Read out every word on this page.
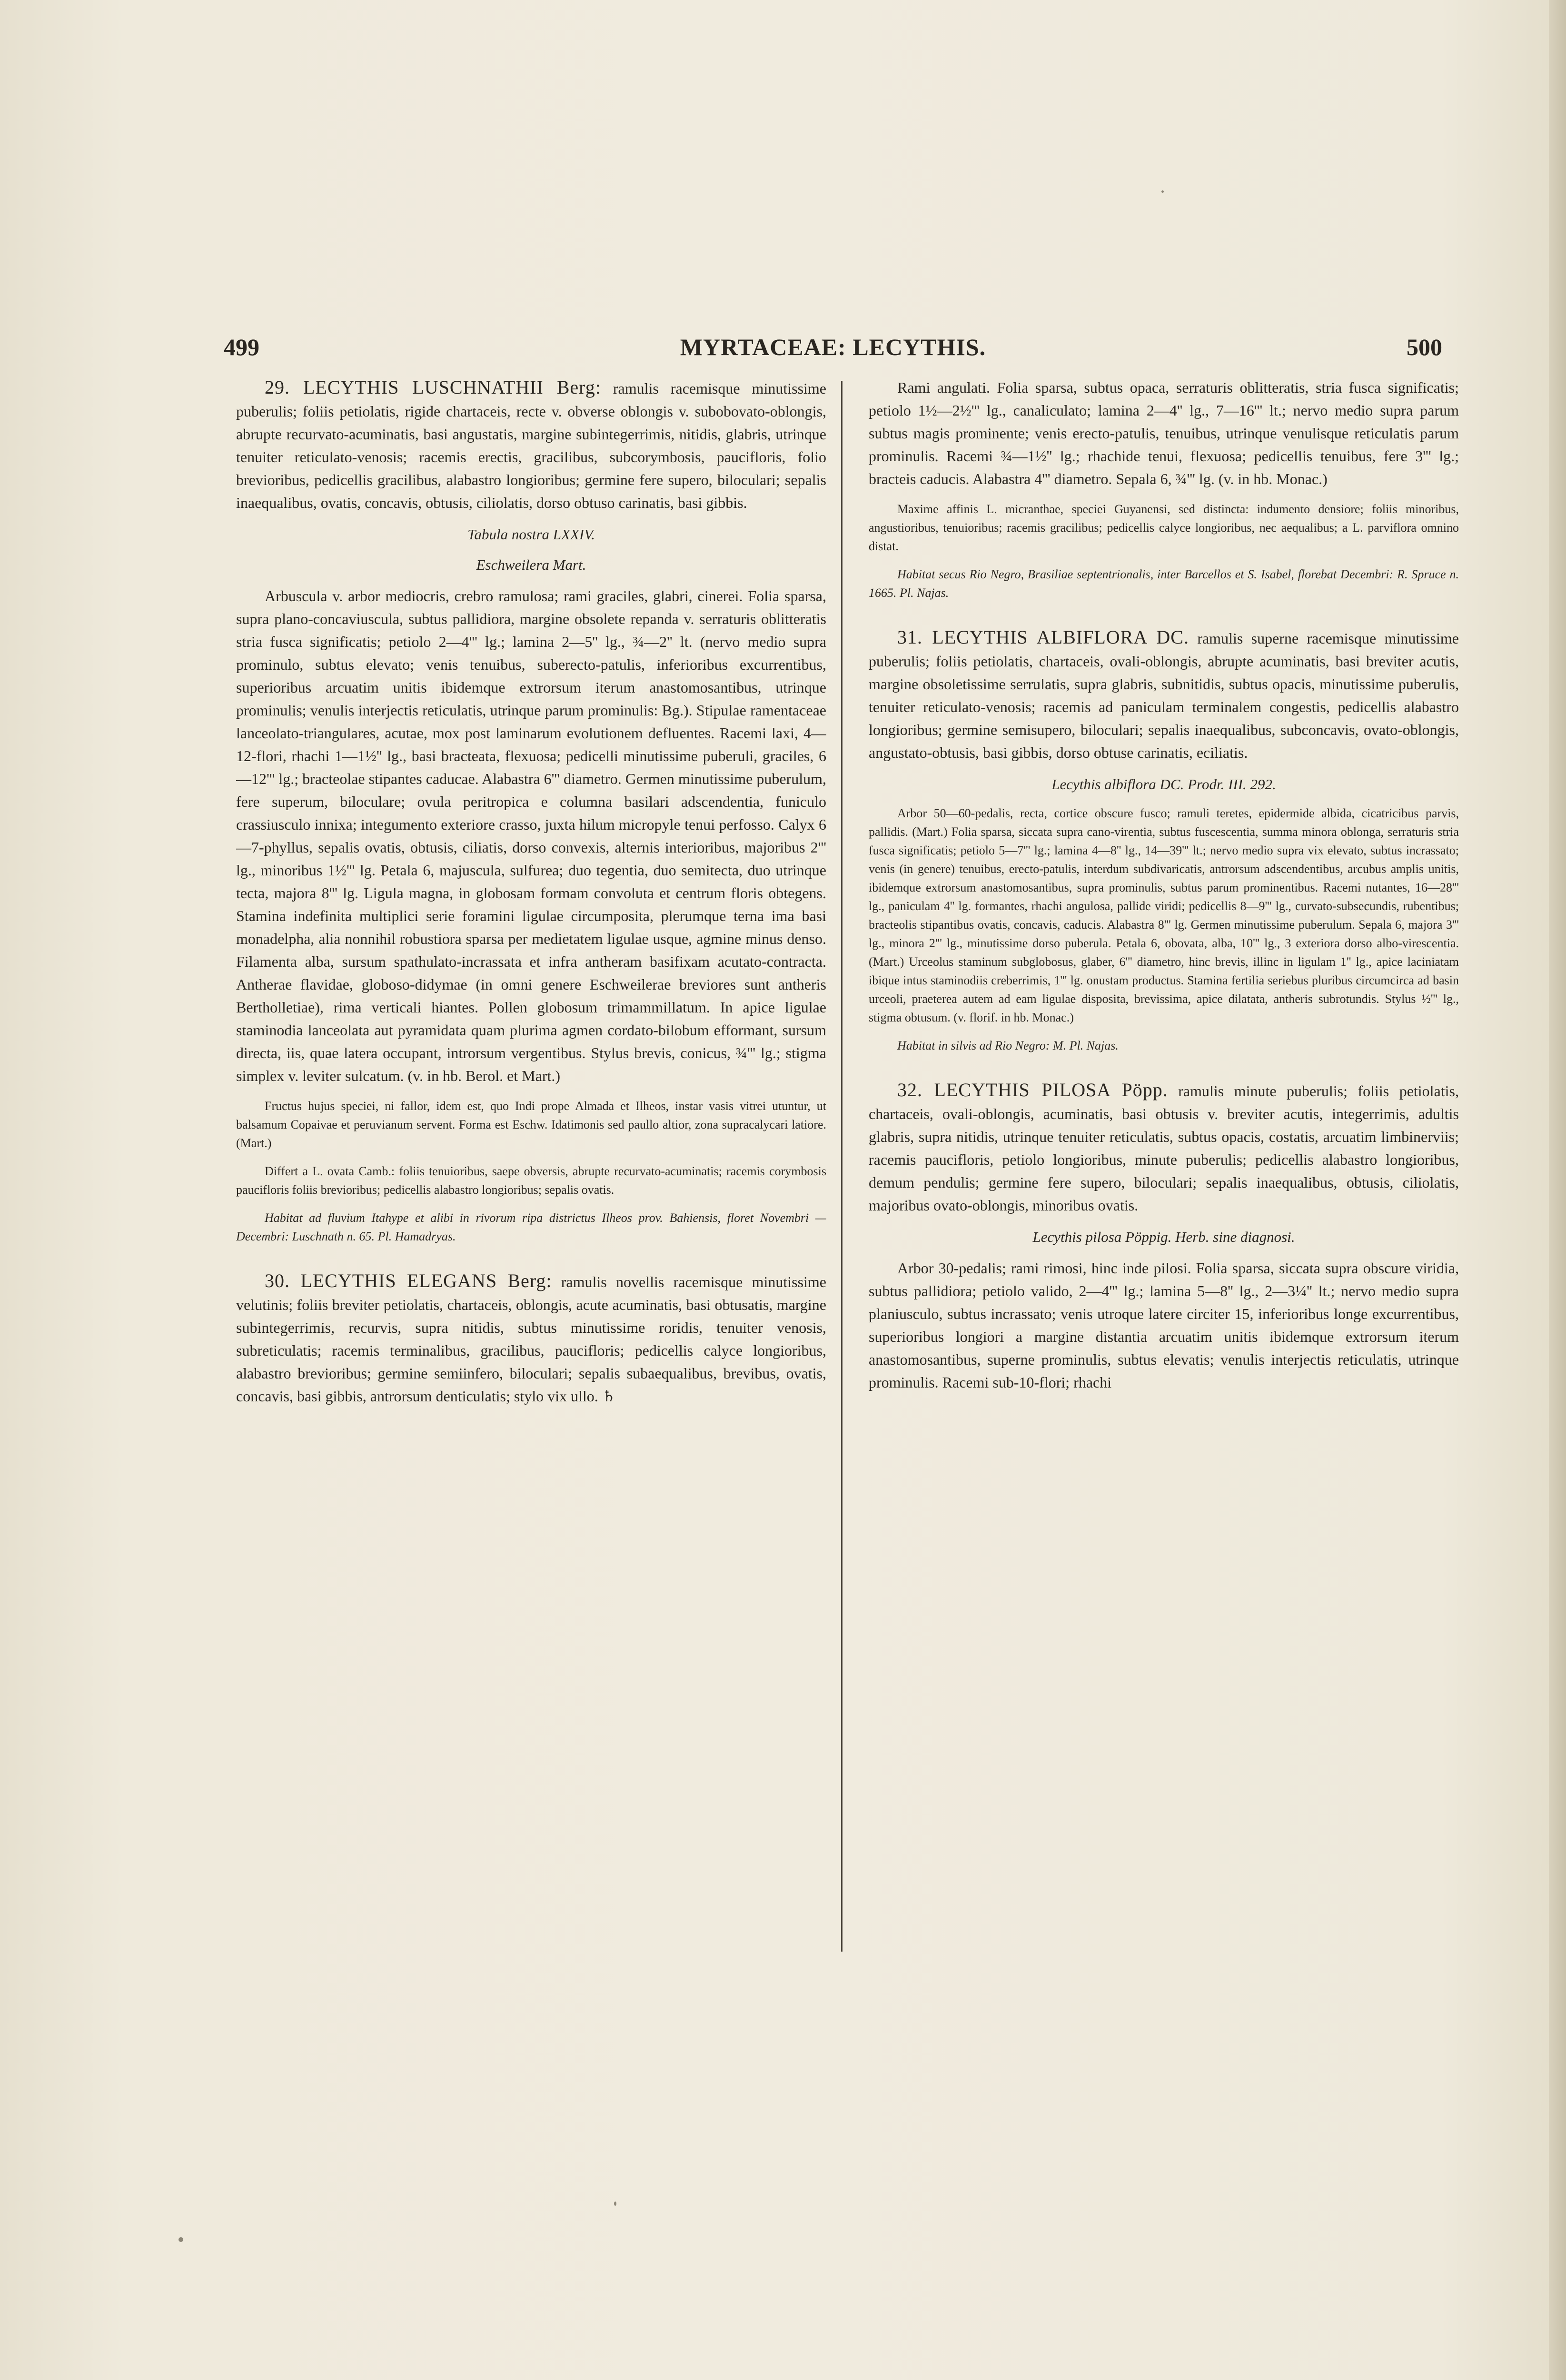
499	MYRTACEAE: LECYTHIS.	500

29. LECYTHIS LUSCHNATHII Berg: ramulis racemisque minutissime puberulis; foliis petiolatis, rigide chartaceis, recte v. obverse oblongis v. subobovato-oblongis, abrupte recurvato-acuminatis, basi angustatis, margine subintegerrimis, nitidis, glabris, utrinque tenuiter reticulato-venosis; racemis erectis, gracilibus, subcorymbosis, paucifloris, folio brevioribus, pedicellis gracilibus, alabastro longioribus; germine fere supero, biloculari; sepalis inaequalibus, ovatis, concavis, obtusis, ciliolatis, dorso obtuso carinatis, basi gibbis.

Tabula nostra LXXIV.
Eschweilera Mart.

Arbuscula v. arbor mediocris, crebro ramulosa; rami graciles, glabri, cinerei. Folia sparsa, supra plano-concaviuscula, subtus pallidiora, margine obsolete repanda v. serraturis oblitteratis stria fusca significatis; petiolo 2—4''' lg.; lamina 2—5'' lg., ¾—2'' lt. (nervo medio supra prominulo, subtus elevato; venis tenuibus, suberecto-patulis, inferioribus excurrentibus, superioribus arcuatim unitis ibidemque extrorsum iterum anastomosantibus, utrinque prominulis; venulis interjectis reticulatis, utrinque parum prominulis: Bg.). Stipulae ramentaceae lanceolato-triangulares, acutae, mox post laminarum evolutionem defluentes. Racemi laxi, 4—12-flori, rhachi 1—1½'' lg., basi bracteata, flexuosa; pedicelli minutissime puberuli, graciles, 6—12''' lg.; bracteolae stipantes caducae. Alabastra 6''' diametro. Germen minutissime puberulum, fere superum, biloculare; ovula peritropica e columna basilari adscendentia, funiculo crassiusculo innixa; integumento exteriore crasso, juxta hilum micropyle tenui perfosso. Calyx 6—7-phyllus, sepalis ovatis, obtusis, ciliatis, dorso convexis, alternis interioribus, majoribus 2''' lg., minoribus 1½''' lg. Petala 6, majuscula, sulfurea; duo tegentia, duo semitecta, duo utrinque tecta, majora 8''' lg. Ligula magna, in globosam formam convoluta et centrum floris obtegens. Stamina indefinita multiplici serie foramini ligulae circumposita, plerumque terna ima basi monadelpha, alia nonnihil robustiora sparsa per medietatem ligulae usque, agmine minus denso. Filamenta alba, sursum spathulato-incrassata et infra antheram basifixam acutato-contracta. Antherae flavidae, globoso-didymae (in omni genere Eschweilerae breviores sunt antheris Bertholletiae), rima verticali hiantes. Pollen globosum trimammillatum. In apice ligulae staminodia lanceolata aut pyramidata quam plurima agmen cordato-bilobum efformant, sursum directa, iis, quae latera occupant, introrsum vergentibus. Stylus brevis, conicus, ¾''' lg.; stigma simplex v. leviter sulcatum. (v. in hb. Berol. et Mart.)

Fructus hujus speciei, ni fallor, idem est, quo Indi prope Almada et Ilheos, instar vasis vitrei utuntur, ut balsamum Copaivae et peruvianum servent. Forma est Eschw. Idatimonis sed paullo altior, zona supracalycari latiore. (Mart.)

Differt a L. ovata Camb.: foliis tenuioribus, saepe obversis, abrupte recurvato-acuminatis; racemis corymbosis paucifloris foliis brevioribus; pedicellis alabastro longioribus; sepalis ovatis.

Habitat ad fluvium Itahype et alibi in rivorum ripa districtus Ilheos prov. Bahiensis, floret Novembri — Decembri: Luschnath n. 65. Pl. Hamadryas.

30. LECYTHIS ELEGANS Berg: ramulis novellis racemisque minutissime velutinis; foliis breviter petiolatis, chartaceis, oblongis, acute acuminatis, basi obtusatis, margine subintegerrimis, recurvis, supra nitidis, subtus minutissime roridis, tenuiter venosis, subreticulatis; racemis terminalibus, gracilibus, paucifloris; pedicellis calyce longioribus, alabastro brevioribus; germine semiinfero, biloculari; sepalis subaequalibus, brevibus, ovatis, concavis, basi gibbis, antrorsum denticulatis; stylo vix ullo. ♄

Rami angulati. Folia sparsa, subtus opaca, serraturis oblitteratis, stria fusca significatis; petiolo 1½—2½''' lg., canaliculato; lamina 2—4'' lg., 7—16''' lt.; nervo medio supra parum subtus magis prominente; venis erecto-patulis, tenuibus, utrinque venulisque reticulatis parum prominulis. Racemi ¾—1½'' lg.; rhachide tenui, flexuosa; pedicellis tenuibus, fere 3''' lg.; bracteis caducis. Alabastra 4''' diametro. Sepala 6, ¾''' lg. (v. in hb. Monac.)

Maxime affinis L. micranthae, speciei Guyanensi, sed distincta: indumento densiore; foliis minoribus, angustioribus, tenuioribus; racemis gracilibus; pedicellis calyce longioribus, nec aequalibus; a L. parviflora omnino distat.

Habitat secus Rio Negro, Brasiliae septentrionalis, inter Barcellos et S. Isabel, florebat Decembri: R. Spruce n. 1665. Pl. Najas.

31. LECYTHIS ALBIFLORA DC. ramulis superne racemisque minutissime puberulis; foliis petiolatis, chartaceis, ovali-oblongis, abrupte acuminatis, basi breviter acutis, margine obsoletissime serrulatis, supra glabris, subnitidis, subtus opacis, minutissime puberulis, tenuiter reticulato-venosis; racemis ad paniculam terminalem congestis, pedicellis alabastro longioribus; germine semisupero, biloculari; sepalis inaequalibus, subconcavis, ovato-oblongis, angustato-obtusis, basi gibbis, dorso obtuse carinatis, eciliatis.

Lecythis albiflora DC. Prodr. III. 292.

Arbor 50—60-pedalis, recta, cortice obscure fusco; ramuli teretes, epidermide albida, cicatricibus parvis, pallidis. (Mart.) Folia sparsa, siccata supra cano-virentia, subtus fuscescentia, summa minora oblonga, serraturis stria fusca significatis; petiolo 5—7''' lg.; lamina 4—8'' lg., 14—39''' lt.; nervo medio supra vix elevato, subtus incrassato; venis (in genere) tenuibus, erecto-patulis, interdum subdivaricatis, antrorsum adscendentibus, arcubus amplis unitis, ibidemque extrorsum anastomosantibus, supra prominulis, subtus parum prominentibus. Racemi nutantes, 16—28''' lg., paniculam 4'' lg. formantes, rhachi angulosa, pallide viridi; pedicellis 8—9''' lg., curvato-subsecundis, rubentibus; bracteolis stipantibus ovatis, concavis, caducis. Alabastra 8''' lg. Germen minutissime puberulum. Sepala 6, majora 3''' lg., minora 2''' lg., minutissime dorso puberula. Petala 6, obovata, alba, 10''' lg., 3 exteriora dorso albo-virescentia. (Mart.) Urceolus staminum subglobosus, glaber, 6''' diametro, hinc brevis, illinc in ligulam 1'' lg., apice laciniatam ibique intus staminodiis creberrimis, 1''' lg. onustam productus. Stamina fertilia seriebus pluribus circumcirca ad basin urceoli, praeterea autem ad eam ligulae disposita, brevissima, apice dilatata, antheris subrotundis. Stylus ½''' lg., stigma obtusum. (v. florif. in hb. Monac.)

Habitat in silvis ad Rio Negro: M. Pl. Najas.

32. LECYTHIS PILOSA Pöpp. ramulis minute puberulis; foliis petiolatis, chartaceis, ovali-oblongis, acuminatis, basi obtusis v. breviter acutis, integerrimis, adultis glabris, supra nitidis, utrinque tenuiter reticulatis, subtus opacis, costatis, arcuatim limbinerviis; racemis paucifloris, petiolo longioribus, minute puberulis; pedicellis alabastro longioribus, demum pendulis; germine fere supero, biloculari; sepalis inaequalibus, obtusis, ciliolatis, majoribus ovato-oblongis, minoribus ovatis.

Lecythis pilosa Pöppig. Herb. sine diagnosi.

Arbor 30-pedalis; rami rimosi, hinc inde pilosi. Folia sparsa, siccata supra obscure viridia, subtus pallidiora; petiolo valido, 2—4''' lg.; lamina 5—8'' lg., 2—3¼'' lt.; nervo medio supra planiusculo, subtus incrassato; venis utroque latere circiter 15, inferioribus longe excurrentibus, superioribus longiori a margine distantia arcuatim unitis ibidemque extrorsum iterum anastomosantibus, superne prominulis, subtus elevatis; venulis interjectis reticulatis, utrinque prominulis. Racemi sub-10-flori; rhachi
